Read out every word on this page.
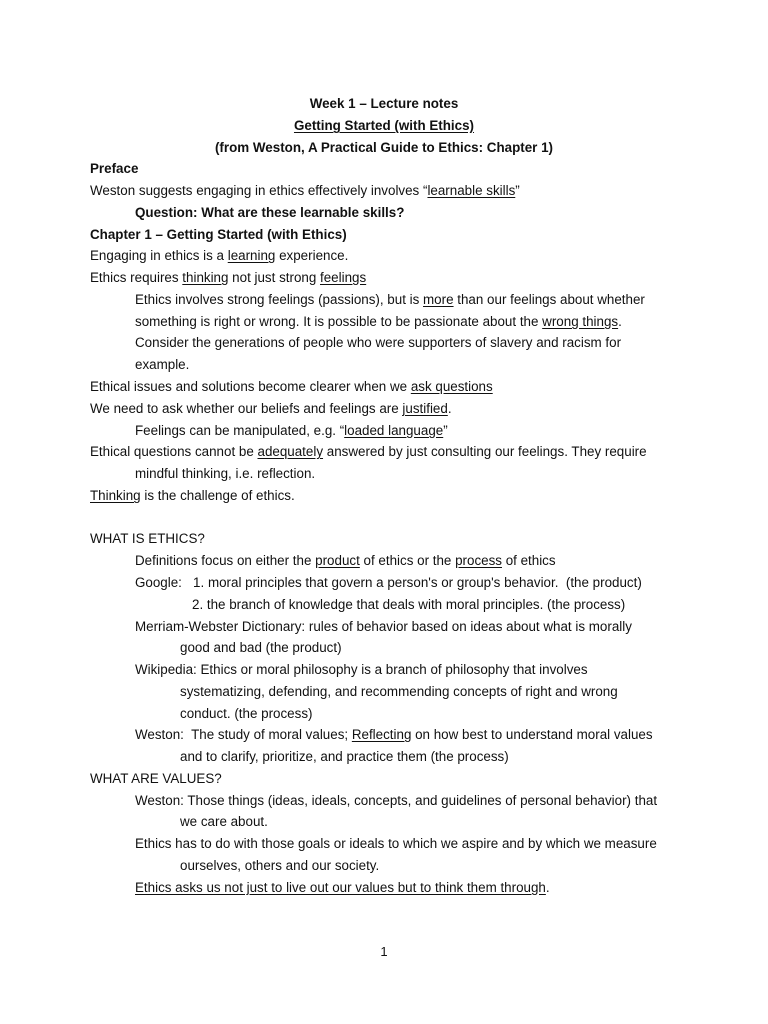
Week 1 – Lecture notes
Getting Started (with Ethics)
(from Weston, A Practical Guide to Ethics: Chapter 1)
Preface
Weston suggests engaging in ethics effectively involves “learnable skills”
Question: What are these learnable skills?
Chapter 1 – Getting Started (with Ethics)
Engaging in ethics is a learning experience.
Ethics requires thinking not just strong feelings
Ethics involves strong feelings (passions), but is more than our feelings about whether
something is right or wrong. It is possible to be passionate about the wrong things.
Consider the generations of people who were supporters of slavery and racism for
example.
Ethical issues and solutions become clearer when we ask questions
We need to ask whether our beliefs and feelings are justified.
Feelings can be manipulated, e.g. “loaded language”
Ethical questions cannot be adequately answered by just consulting our feelings. They require
mindful thinking, i.e. reflection.
Thinking is the challenge of ethics.
WHAT IS ETHICS?
Definitions focus on either the product of ethics or the process of ethics
Google:   1. moral principles that govern a person's or group's behavior.  (the product)
2. the branch of knowledge that deals with moral principles. (the process)
Merriam-Webster Dictionary: rules of behavior based on ideas about what is morally
good and bad (the product)
Wikipedia: Ethics or moral philosophy is a branch of philosophy that involves
systematizing, defending, and recommending concepts of right and wrong
conduct. (the process)
Weston:  The study of moral values; Reflecting on how best to understand moral values
and to clarify, prioritize, and practice them (the process)
WHAT ARE VALUES?
Weston: Those things (ideas, ideals, concepts, and guidelines of personal behavior) that
we care about.
Ethics has to do with those goals or ideals to which we aspire and by which we measure
ourselves, others and our society.
Ethics asks us not just to live out our values but to think them through.
1
